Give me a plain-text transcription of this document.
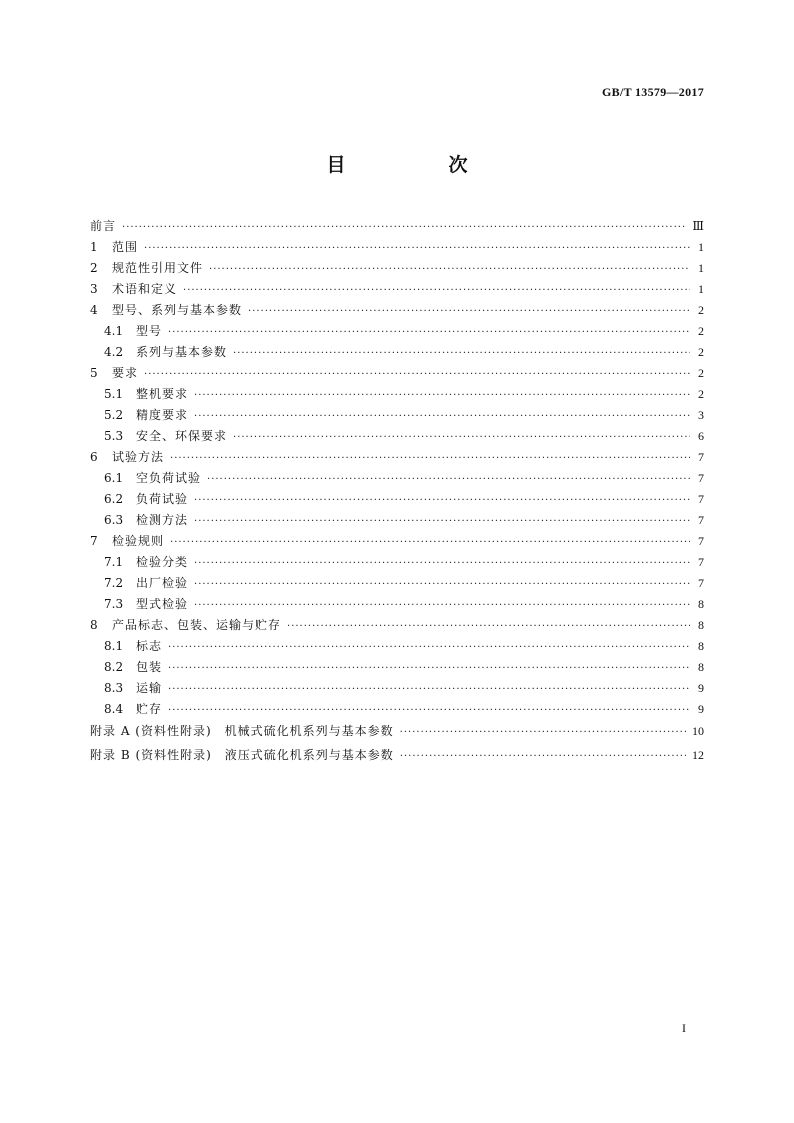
GB/T 13579—2017
目　次
前言 ·····	Ⅲ
1	范围 ·····	1
2	规范性引用文件 ·····	1
3	术语和定义 ·····	1
4	型号、系列与基本参数 ·····	2
4.1	型号 ·····	2
4.2	系列与基本参数 ·····	2
5	要求 ·····	2
5.1	整机要求 ·····	2
5.2	精度要求 ·····	3
5.3	安全、环保要求 ·····	6
6	试验方法 ·····	7
6.1	空负荷试验 ·····	7
6.2	负荷试验 ·····	7
6.3	检测方法 ·····	7
7	检验规则 ·····	7
7.1	检验分类 ·····	7
7.2	出厂检验 ·····	7
7.3	型式检验 ·····	8
8	产品标志、包装、运输与贮存 ·····	8
8.1	标志 ·····	8
8.2	包装 ·····	8
8.3	运输 ·····	9
8.4	贮存 ·····	9
附录 A (资料性附录)　机械式硫化机系列与基本参数 ·····	10
附录 B (资料性附录)　液压式硫化机系列与基本参数 ·····	12
I
